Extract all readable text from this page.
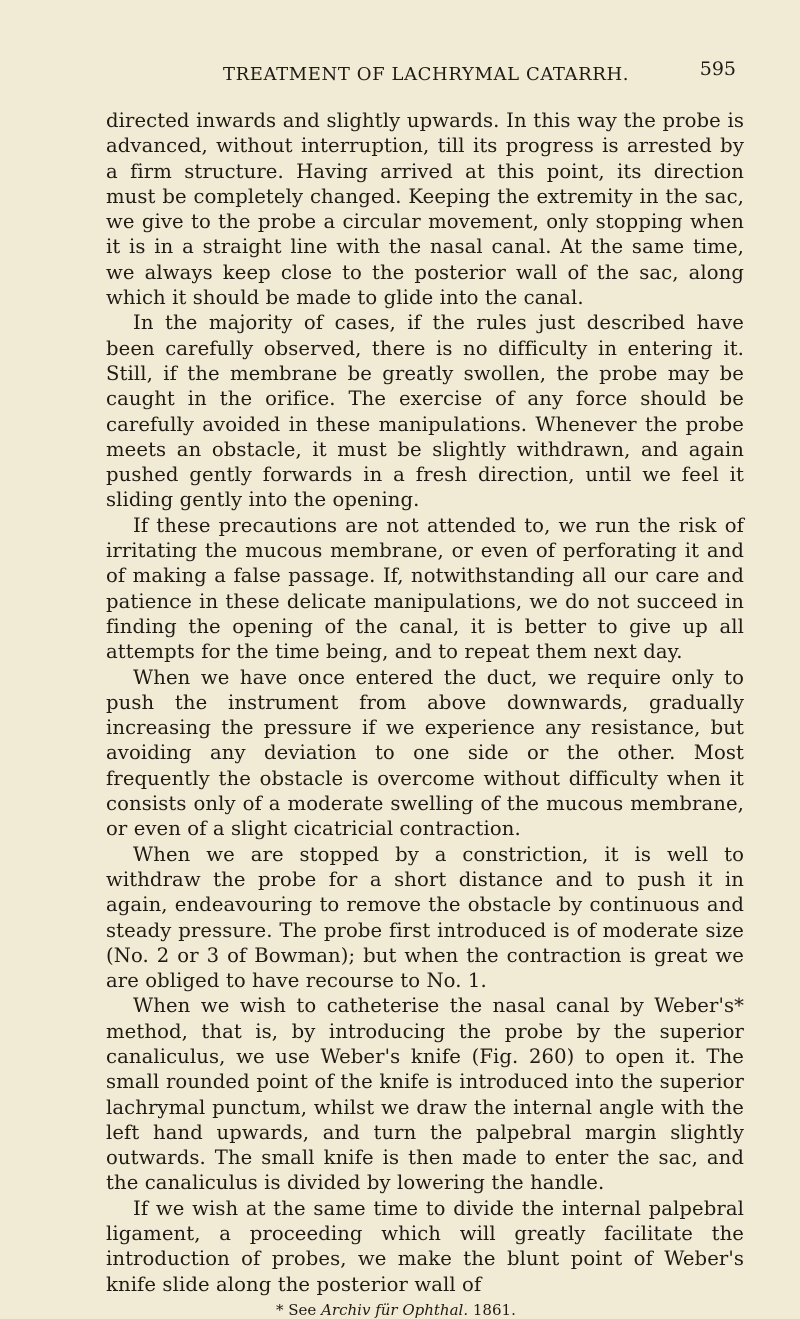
TREATMENT OF LACHRYMAL CATARRH.	595

directed inwards and slightly upwards. In this way the probe is advanced, without interruption, till its progress is arrested by a firm structure. Having arrived at this point, its direction must be completely changed. Keeping the extremity in the sac, we give to the probe a circular movement, only stopping when it is in a straight line with the nasal canal. At the same time, we always keep close to the posterior wall of the sac, along which it should be made to glide into the canal.

In the majority of cases, if the rules just described have been carefully observed, there is no difficulty in entering it. Still, if the membrane be greatly swollen, the probe may be caught in the orifice. The exercise of any force should be carefully avoided in these manipulations. Whenever the probe meets an obstacle, it must be slightly withdrawn, and again pushed gently forwards in a fresh direction, until we feel it sliding gently into the opening.

If these precautions are not attended to, we run the risk of irritating the mucous membrane, or even of perforating it and of making a false passage. If, notwithstanding all our care and patience in these delicate manipulations, we do not succeed in finding the opening of the canal, it is better to give up all attempts for the time being, and to repeat them next day.

When we have once entered the duct, we require only to push the instrument from above downwards, gradually increasing the pressure if we experience any resistance, but avoiding any deviation to one side or the other. Most frequently the obstacle is overcome without difficulty when it consists only of a moderate swelling of the mucous membrane, or even of a slight cicatricial contraction.

When we are stopped by a constriction, it is well to withdraw the probe for a short distance and to push it in again, endeavouring to remove the obstacle by continuous and steady pressure. The probe first introduced is of moderate size (No. 2 or 3 of Bowman); but when the contraction is great we are obliged to have recourse to No. 1.

When we wish to catheterise the nasal canal by Weber's* method, that is, by introducing the probe by the superior canaliculus, we use Weber's knife (Fig. 260) to open it. The small rounded point of the knife is introduced into the superior lachrymal punctum, whilst we draw the internal angle with the left hand upwards, and turn the palpebral margin slightly outwards. The small knife is then made to enter the sac, and the canaliculus is divided by lowering the handle.

If we wish at the same time to divide the internal palpebral ligament, a proceeding which will greatly facilitate the introduction of probes, we make the blunt point of Weber's knife slide along the posterior wall of

* See Archiv für Ophthal. 1861.
